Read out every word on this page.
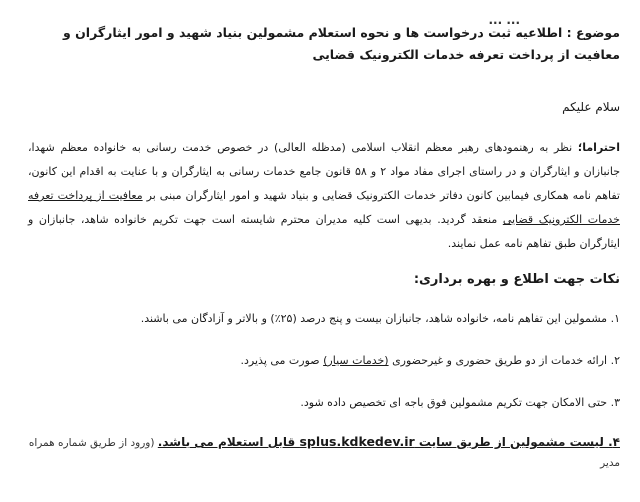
... ...
موضوع : اطلاعیه ثبت درخواست ها و نحوه استعلام مشمولین بنیاد شهید و امور ایثارگران و معافیت از پرداخت تعرفه خدمات الکترونیک قضایی
سلام علیکم
احتراما؛ نظر به رهنمودهای رهبر معظم انقلاب اسلامی (مدظله العالی) در خصوص خدمت رسانی به خانواده معظم شهدا، جانبازان و ایثارگران و در راستای اجرای مفاد مواد ۲ و ۵۸ قانون جامع خدمات رسانی به ایثارگران و با عنایت به اقدام این کانون، تفاهم نامه همکاری فیمابین کانون دفاتر خدمات الکترونیک قضایی و بنیاد شهید و امور ایثارگران مبنی بر معافیت از پرداخت تعرفه خدمات الکترونیک قضایی منعقد گردید. بدیهی است کلیه مدیران محترم شایسته است جهت تکریم خانواده شاهد، جانبازان و ایثارگران طبق تفاهم نامه عمل نمایند.
نکات جهت اطلاع و بهره برداری:
۱. مشمولین این تفاهم نامه، خانواده شاهد، جانبازان بیست و پنج درصد (۲۵٪) و بالاتر و آزادگان می باشند.
۲. ارائه خدمات از دو طریق حضوری و غیرحضوری (خدمات سیار) صورت می پذیرد.
۳. حتی الامکان جهت تکریم مشمولین فوق باجه ای تخصیص داده شود.
۴. لیست مشمولین از طریق سایت splus.kdkedev.ir قابل استعلام می باشد. (ورود از طریق شماره همراه مدیر
